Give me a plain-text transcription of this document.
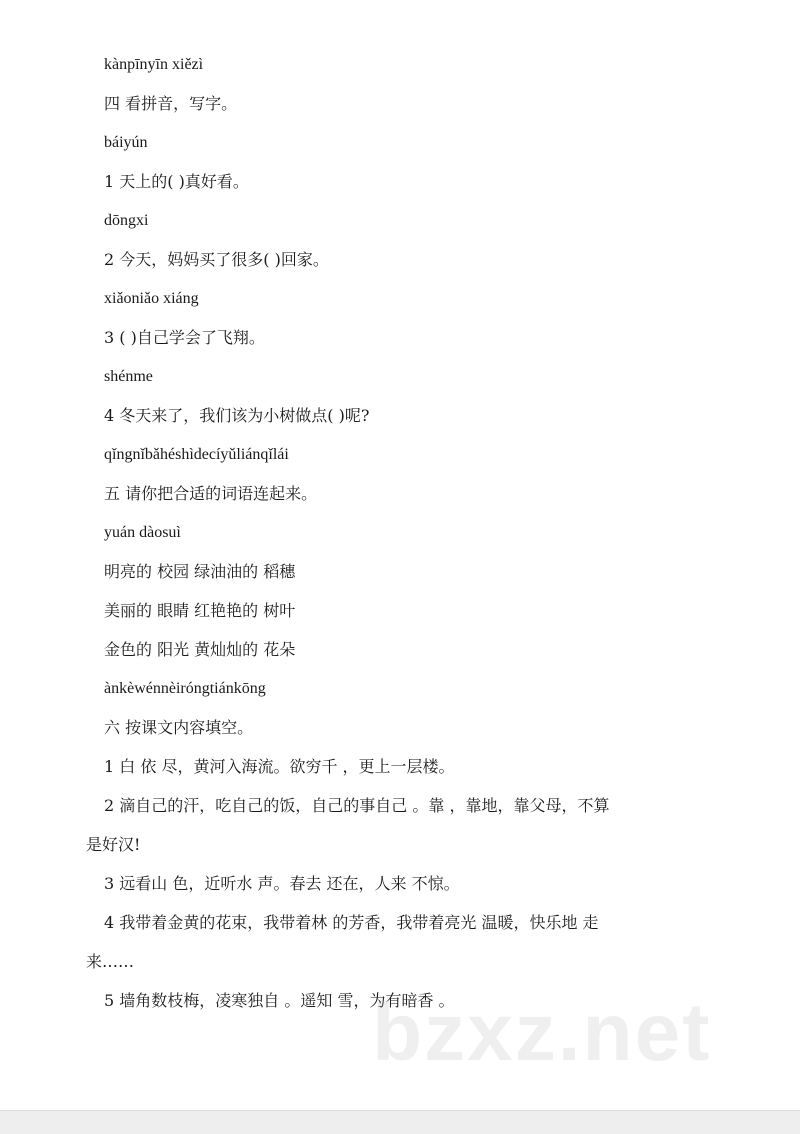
kànpīnyīn xiězì
四 看拼音，写字。
báiyún
1 天上的( )真好看。
dōngxi
2 今天，妈妈买了很多( )回家。
xiǎoniǎo xiáng
3 ( )自己学会了飞翔。
shénme
4 冬天来了，我们该为小树做点( )呢?
qǐngnǐbǎhéshìdecíyǔliánqǐlái
五 请你把合适的词语连起来。
yuán dàosuì
明亮的 校园 绿油油的 稻穗
美丽的 眼睛 红艳艳的 树叶
金色的 阳光 黄灿灿的 花朵
ànkèwénnèiróngtiánkōng
六 按课文内容填空。
1 白 依 尽，黄河入海流。欲穷千 ，更上一层楼。
2 滴自己的汗，吃自己的饭，自己的事自己 。靠 ，靠地，靠父母，不算
是好汉!
3 远看山 色，近听水 声。春去 还在，人来 不惊。
4 我带着金黄的花束，我带着林 的芳香，我带着亮光 温暖，快乐地 走
来……
5 墙角数枝梅，凌寒独自 。遥知 雪，为有暗香 。
bzxz.net
